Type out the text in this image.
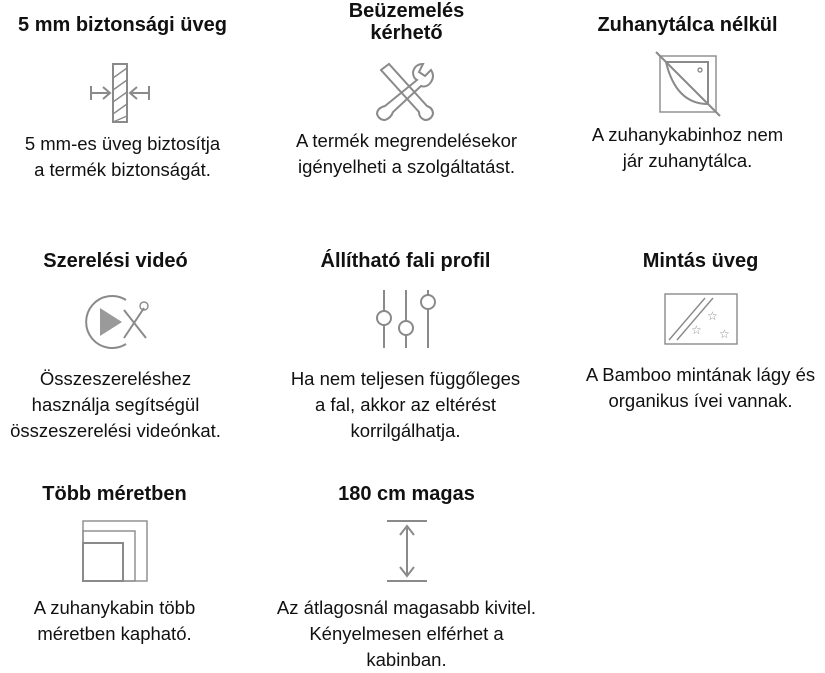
5 mm biztonsági üveg

5 mm-es üveg biztosítja

a termék biztonságát.

Beüzemelés

kérhető

A termék megrendelésekor

igényelheti a szolgáltatást.

Zuhanytálca nélkül

A zuhanykabinhoz nem

jár zuhanytálca.

Szerelési videó

Összeszereléshez

használja segítségül

összeszerelési videónkat.

Állítható fali profil

Ha nem teljesen függőleges

a fal, akkor az eltérést

korrilgálhatja.

Mintás üveg

☆
☆ ☆

A Bamboo mintának lágy és

organikus ívei vannak.

Több méretben

A zuhanykabin több

méretben kapható.

180 cm magas

Az átlagosnál magasabb kivitel.

Kényelmesen elférhet a kabinban.
